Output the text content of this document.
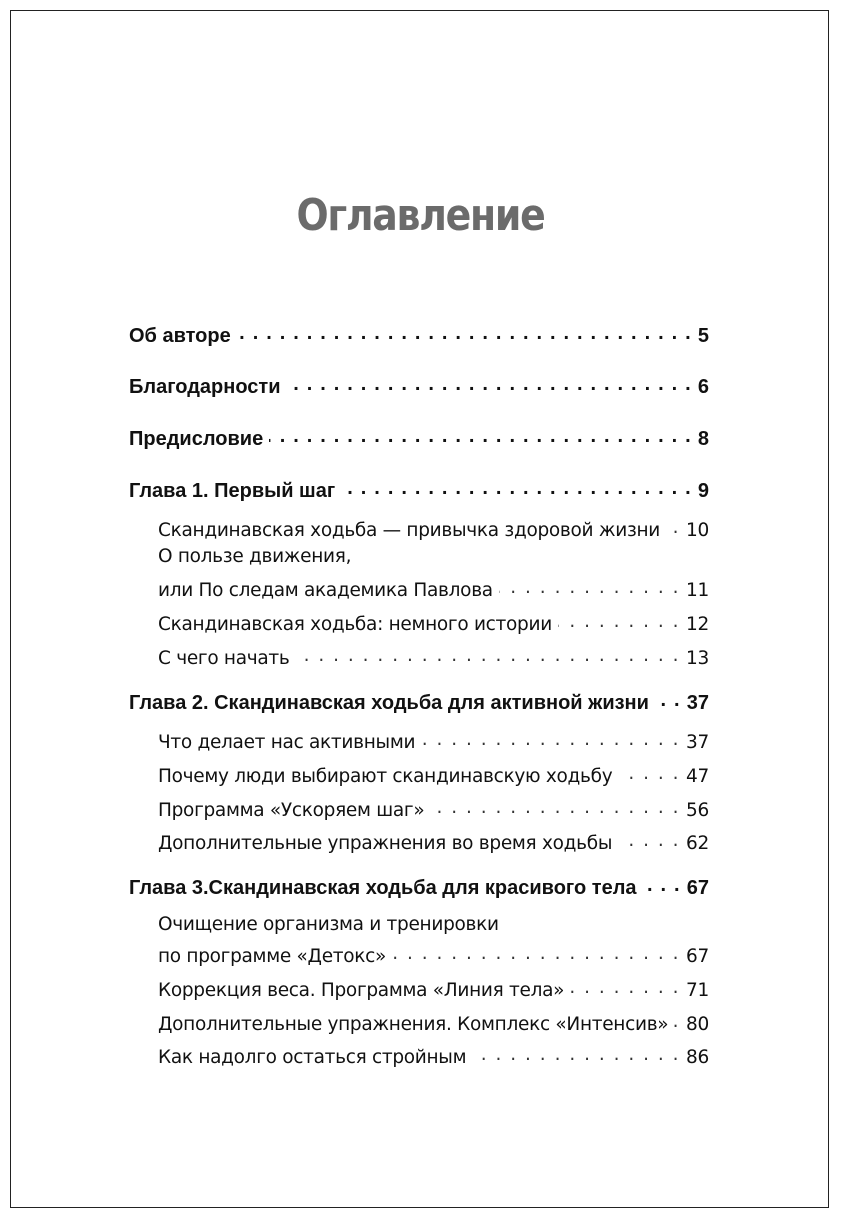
Оглавление
Об авторе . . .	5
Благодарности . . .	6
Предисловие . . .	8
Глава 1. Первый шаг . . .	9
Скандинавская ходьба — привычка здоровой жизни . . . 10
О пользе движения,
или По следам академика Павлова . . .	11
Скандинавская ходьба: немного истории . . .	12
С чего начать . . .	13
Глава 2. Скандинавская ходьба для активной жизни . . . 37
Что делает нас активными . . .	37
Почему люди выбирают скандинавскую ходьбу . . .	47
Программа «Ускоряем шаг» . . .	56
Дополнительные упражнения во время ходьбы . . .	62
Глава 3.Скандинавская ходьба для красивого тела . . .	67
Очищение организма и тренировки
по программе «Детокс» . . .	67
Коррекция веса. Программа «Линия тела» . . .	71
Дополнительные упражнения. Комплекс «Интенсив» . . . 80
Как надолго остаться стройным . . .	86
